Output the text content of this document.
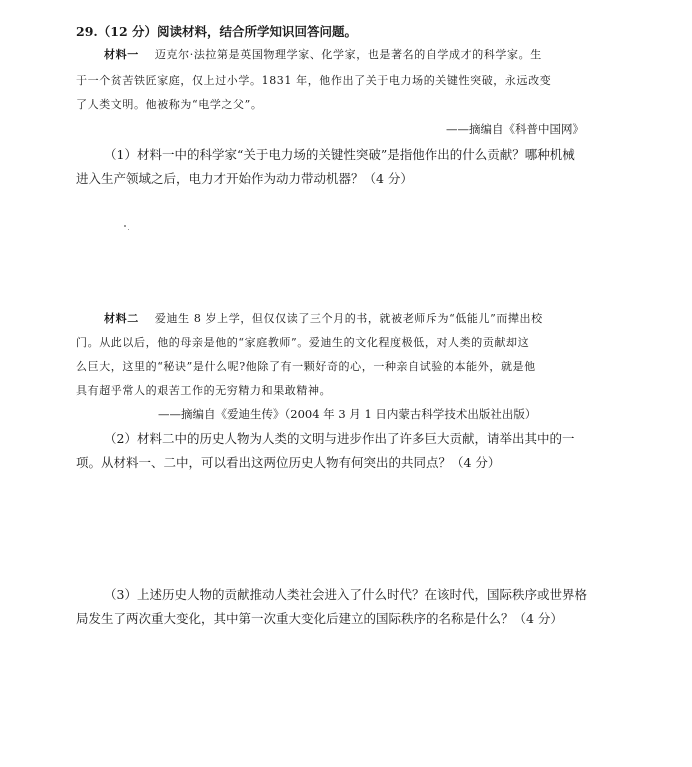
29.（12 分）阅读材料，结合所学知识回答问题。
材料一 迈克尔·法拉第是英国物理学家、化学家，也是著名的自学成才的科学家。生
于一个贫苦铁匠家庭，仅上过小学。1831 年，他作出了关于电力场的关键性突破，永远改变
了人类文明。他被称为“电学之父”。
——摘编自《科普中国网》
（1）材料一中的科学家“关于电力场的关键性突破”是指他作出的什么贡献？哪种机械
进入生产领域之后，电力才开始作为动力带动机器？（4 分）
材料二 爱迪生 8 岁上学，但仅仅读了三个月的书，就被老师斥为“低能儿”而撵出校
门。从此以后，他的母亲是他的“家庭教师”。爱迪生的文化程度极低，对人类的贡献却这
么巨大，这里的“秘诀”是什么呢?他除了有一颗好奇的心，一种亲自试验的本能外，就是他
具有超乎常人的艰苦工作的无穷精力和果敢精神。
——摘编自《爱迪生传》（2004 年 3 月 1 日内蒙古科学技术出版社出版）
（2）材料二中的历史人物为人类的文明与进步作出了许多巨大贡献，请举出其中的一
项。从材料一、二中，可以看出这两位历史人物有何突出的共同点？（4 分）
（3）上述历史人物的贡献推动人类社会进入了什么时代？在该时代，国际秩序或世界格
局发生了两次重大变化，其中第一次重大变化后建立的国际秩序的名称是什么？（4 分）
